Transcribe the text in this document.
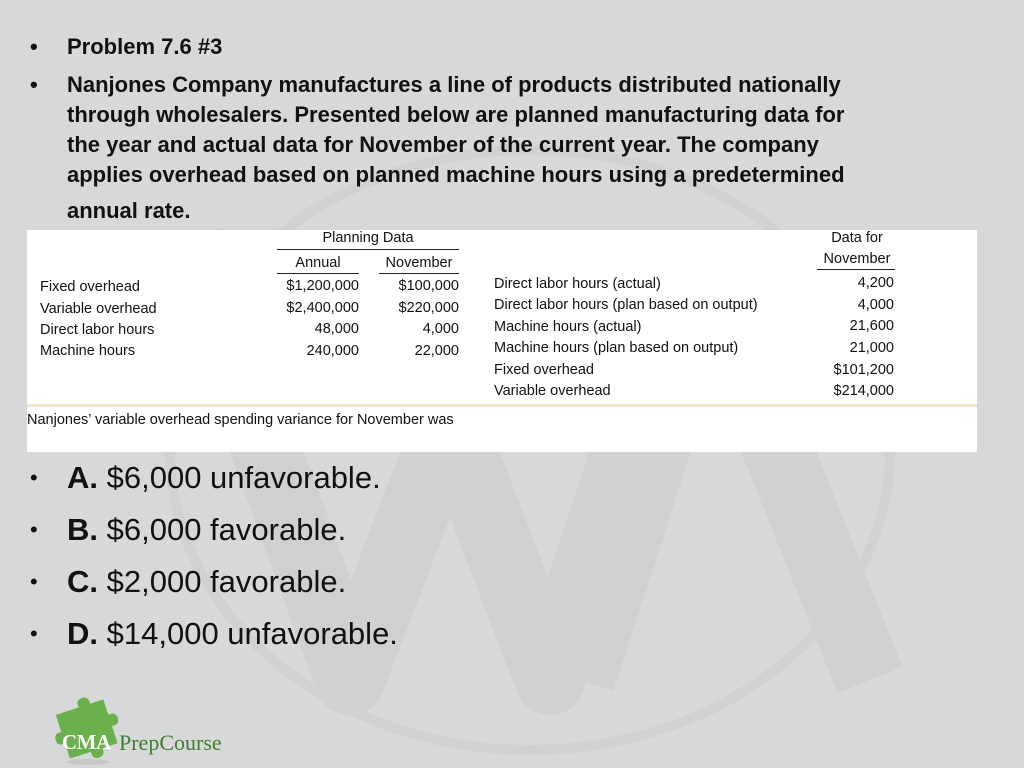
• Problem 7.6 #3
• Nanjones Company manufactures a line of products distributed nationally
through wholesalers. Presented below are planned manufacturing data for
the year and actual data for November of the current year. The company
applies overhead based on planned machine hours using a predetermined
annual rate.
Planning Data
Annual	November
Fixed overhead	$1,200,000	$100,000
Variable overhead	$2,400,000	$220,000
Direct labor hours	48,000	4,000
Machine hours	240,000	22,000
Data for
November
Direct labor hours (actual)	4,200
Direct labor hours (plan based on output)	4,000
Machine hours (actual)	21,600
Machine hours (plan based on output)	21,000
Fixed overhead	$101,200
Variable overhead	$214,000
Nanjones’ variable overhead spending variance for November was
• A. $6,000 unfavorable.
• B. $6,000 favorable.
• C. $2,000 favorable.
• D. $14,000 unfavorable.
CMA PrepCourse
